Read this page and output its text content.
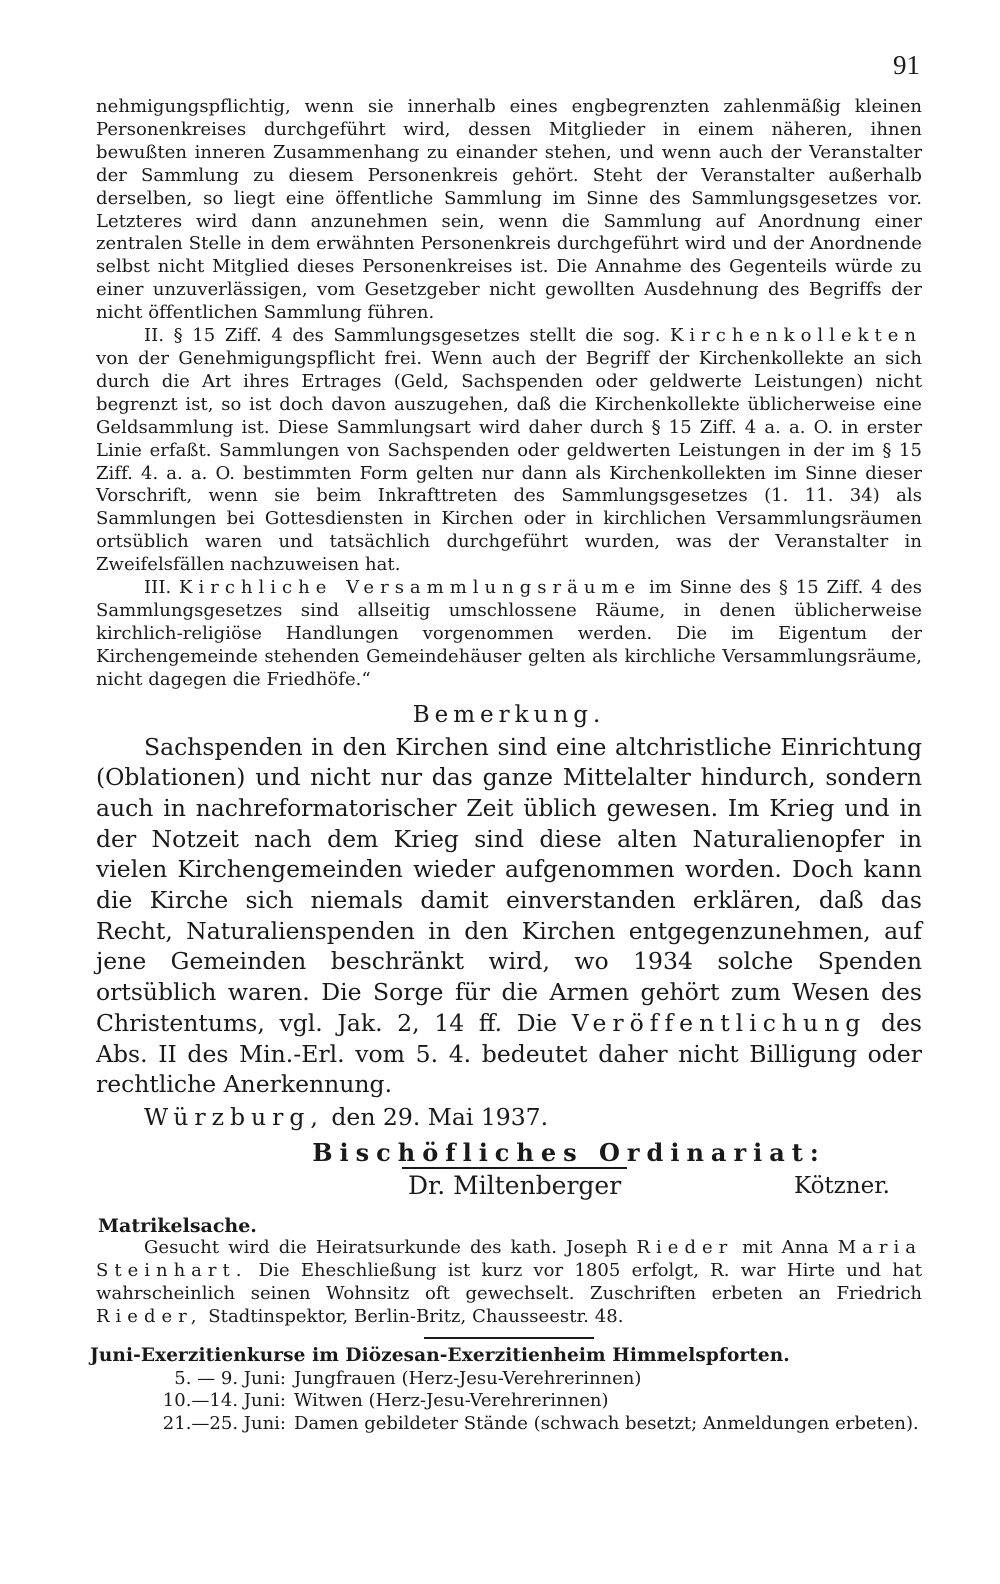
91

nehmigungspflichtig, wenn sie innerhalb eines engbegrenzten zahlenmäßig kleinen Personenkreises durchgeführt wird, dessen Mitglieder in einem näheren, ihnen bewußten inneren Zusammenhang zu einander stehen, und wenn auch der Veranstalter der Sammlung zu diesem Personenkreis gehört. Steht der Veranstalter außerhalb derselben, so liegt eine öffentliche Sammlung im Sinne des Sammlungsgesetzes vor. Letzteres wird dann anzunehmen sein, wenn die Sammlung auf Anordnung einer zentralen Stelle in dem erwähnten Personenkreis durchgeführt wird und der Anordnende selbst nicht Mitglied dieses Personenkreises ist. Die Annahme des Gegenteils würde zu einer unzuverlässigen, vom Gesetzgeber nicht gewollten Ausdehnung des Begriffs der nicht öffentlichen Sammlung führen.

II. § 15 Ziff. 4 des Sammlungsgesetzes stellt die sog. Kirchenkollekten von der Genehmigungspflicht frei. Wenn auch der Begriff der Kirchenkollekte an sich durch die Art ihres Ertrages (Geld, Sachspenden oder geldwerte Leistungen) nicht begrenzt ist, so ist doch davon auszugehen, daß die Kirchenkollekte üblicherweise eine Geldsammlung ist. Diese Sammlungsart wird daher durch § 15 Ziff. 4 a. a. O. in erster Linie erfaßt. Sammlungen von Sachspenden oder geldwerten Leistungen in der im § 15 Ziff. 4. a. a. O. bestimmten Form gelten nur dann als Kirchenkollekten im Sinne dieser Vorschrift, wenn sie beim Inkrafttreten des Sammlungsgesetzes (1. 11. 34) als Sammlungen bei Gottesdiensten in Kirchen oder in kirchlichen Versammlungsräumen ortsüblich waren und tatsächlich durchgeführt wurden, was der Veranstalter in Zweifelsfällen nachzuweisen hat.

III. Kirchliche Versammlungsräume im Sinne des § 15 Ziff. 4 des Sammlungsgesetzes sind allseitig umschlossene Räume, in denen üblicherweise kirchlich-religiöse Handlungen vorgenommen werden. Die im Eigentum der Kirchengemeinde stehenden Gemeindehäuser gelten als kirchliche Versammlungsräume, nicht dagegen die Friedhöfe.“

Bemerkung.

Sachspenden in den Kirchen sind eine altchristliche Einrichtung (Oblationen) und nicht nur das ganze Mittelalter hindurch, sondern auch in nachreformatorischer Zeit üblich gewesen. Im Krieg und in der Notzeit nach dem Krieg sind diese alten Naturalienopfer in vielen Kirchengemeinden wieder aufgenommen worden. Doch kann die Kirche sich niemals damit einverstanden erklären, daß das Recht, Naturalienspenden in den Kirchen entgegenzunehmen, auf jene Gemeinden beschränkt wird, wo 1934 solche Spenden ortsüblich waren. Die Sorge für die Armen gehört zum Wesen des Christentums, vgl. Jak. 2, 14 ff. Die Veröffentlichung des Abs. II des Min.-Erl. vom 5. 4. bedeutet daher nicht Billigung oder rechtliche Anerkennung.

Würzburg, den 29. Mai 1937.
Bischöfliches Ordinariat:
Dr. Miltenberger	Kötzner.
Matrikelsache.

Gesucht wird die Heiratsurkunde des kath. Joseph Rieder mit Anna Maria Steinhart. Die Eheschließung ist kurz vor 1805 erfolgt, R. war Hirte und hat wahrscheinlich seinen Wohnsitz oft gewechselt. Zuschriften erbeten an Friedrich Rieder, Stadtinspektor, Berlin-Britz, Chausseestr. 48.

Juni-Exerzitienkurse im Diözesan-Exerzitienheim Himmelspforten.
5. — 9. Juni: Jungfrauen (Herz-Jesu-Verehrerinnen)
10.—14. Juni: Witwen (Herz-Jesu-Verehrerinnen)
21.—25. Juni: Damen gebildeter Stände (schwach besetzt; Anmeldungen erbeten).
